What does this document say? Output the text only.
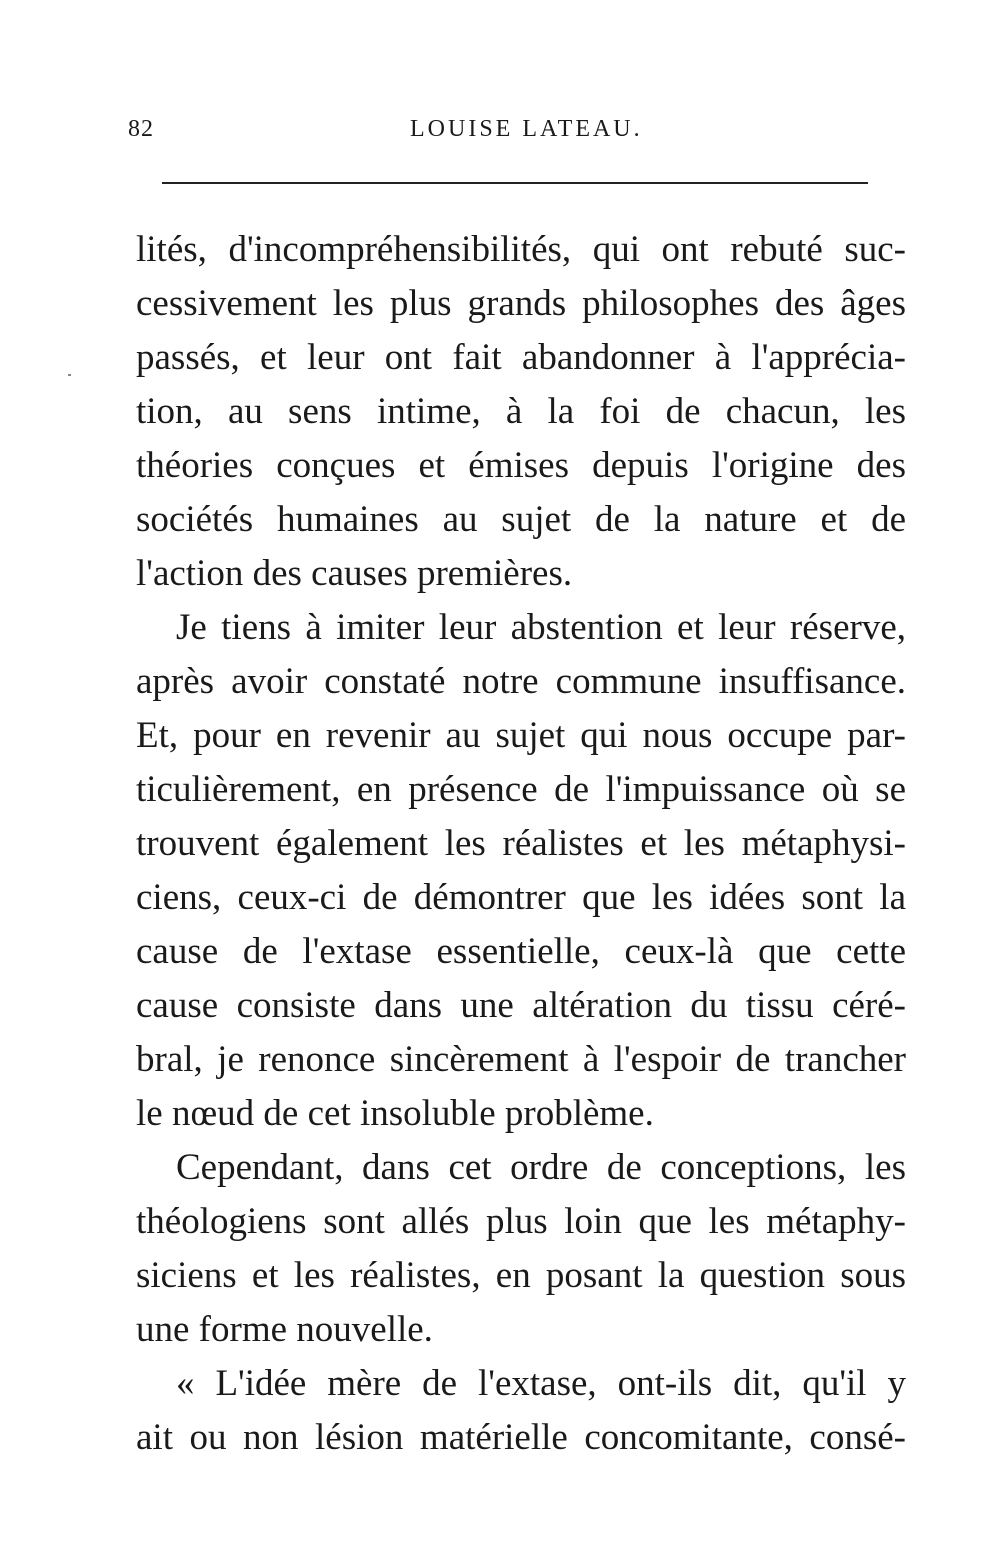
82	LOUISE LATEAU.
lités, d'incompréhensibilités, qui ont rebuté suc-
cessivement les plus grands philosophes des âges
passés, et leur ont fait abandonner à l'apprécia-
tion, au sens intime, à la foi de chacun, les
théories conçues et émises depuis l'origine des
sociétés humaines au sujet de la nature et de
l'action des causes premières.
Je tiens à imiter leur abstention et leur réserve,
après avoir constaté notre commune insuffisance.
Et, pour en revenir au sujet qui nous occupe par-
ticulièrement, en présence de l'impuissance où se
trouvent également les réalistes et les métaphysi-
ciens, ceux-ci de démontrer que les idées sont la
cause de l'extase essentielle, ceux-là que cette
cause consiste dans une altération du tissu céré-
bral, je renonce sincèrement à l'espoir de trancher
le nœud de cet insoluble problème.
Cependant, dans cet ordre de conceptions, les
théologiens sont allés plus loin que les métaphy-
siciens et les réalistes, en posant la question sous
une forme nouvelle.
« L'idée mère de l'extase, ont-ils dit, qu'il y
ait ou non lésion matérielle concomitante, consé-
